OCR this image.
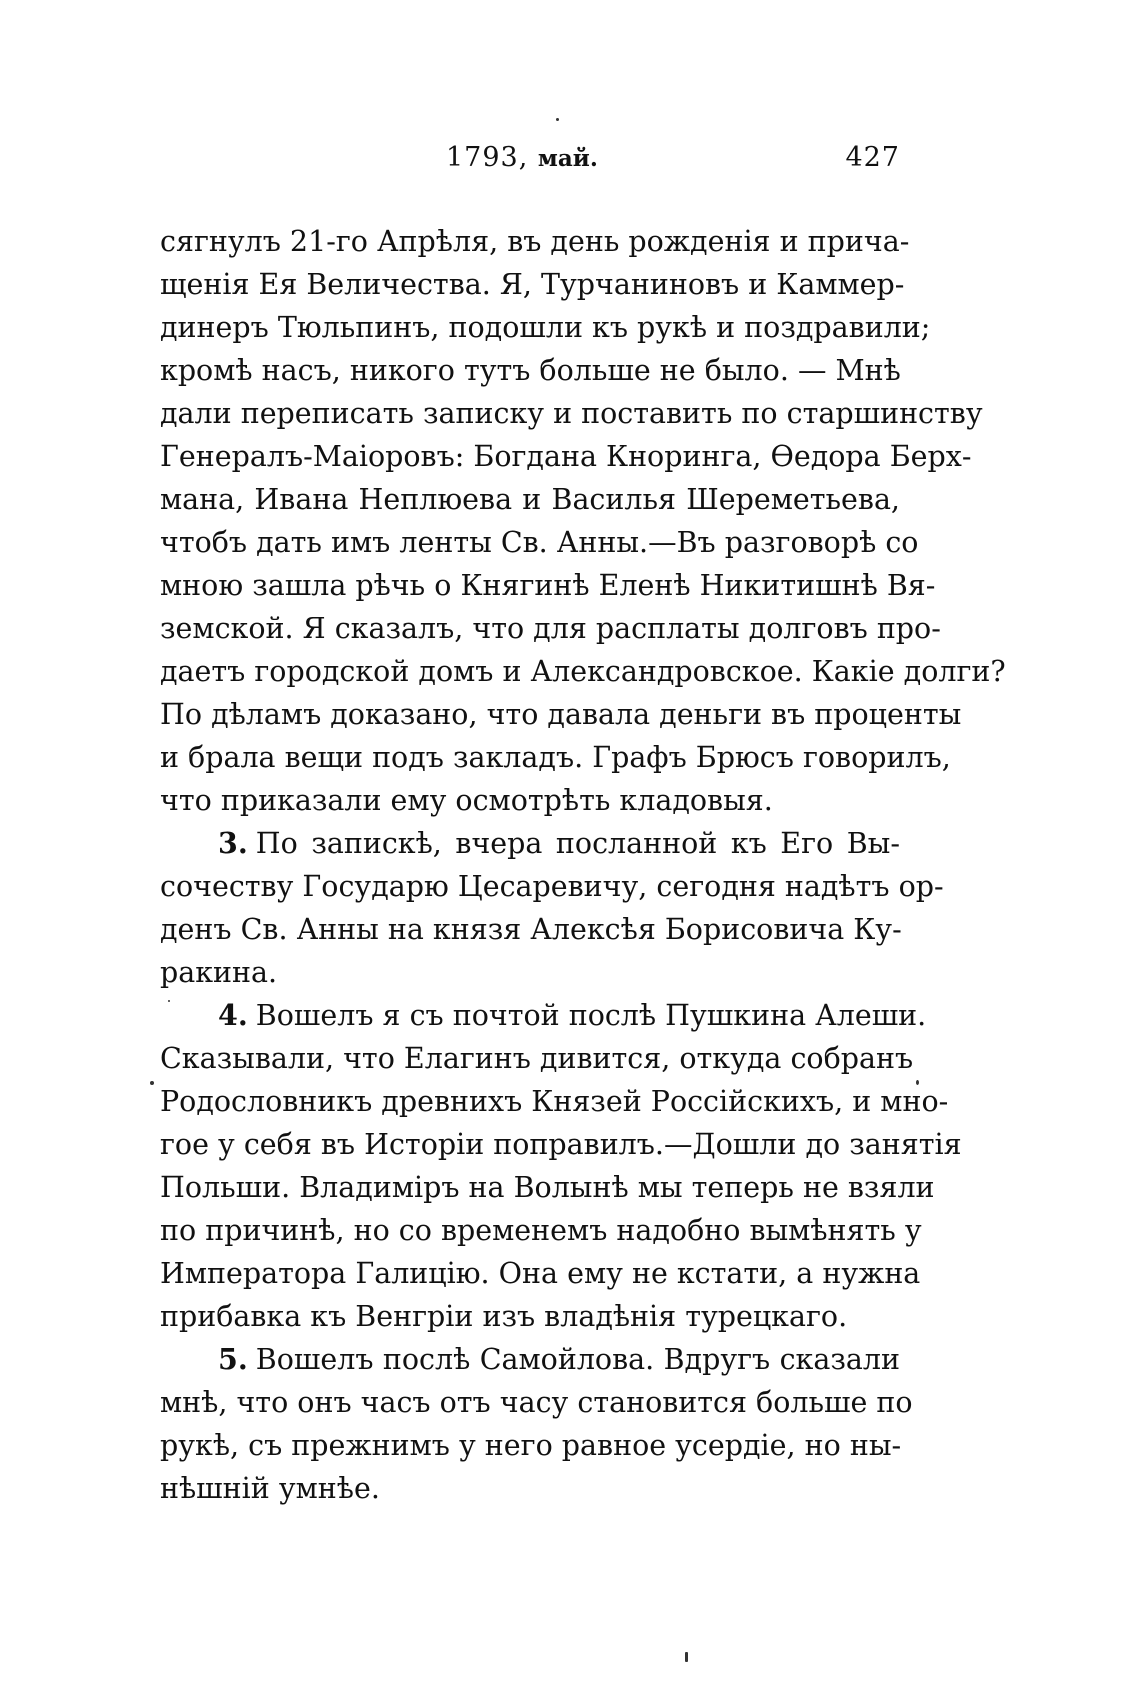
1793, май.	427
сягнулъ 21-го Апрѣля, въ день рожденія и прича-
щенія Ея Величества. Я, Турчаниновъ и Каммер-
динеръ Тюльпинъ, подошли къ рукѣ и поздравили;
кромѣ насъ, никого тутъ больше не было. — Мнѣ
дали переписать записку и поставить по старшинству
Генералъ-Маіоровъ: Богдана Кноринга, Ѳедора Берх-
мана, Ивана Неплюева и Василья Шереметьева,
чтобъ дать имъ ленты Св. Анны.—Въ разговорѣ со
мною зашла рѣчь о Княгинѣ Еленѣ Никитишнѣ Вя-
земской. Я сказалъ, что для расплаты долговъ про-
даетъ городской домъ и Александровское. Какіе долги?
По дѣламъ доказано, что давала деньги въ проценты
и брала вещи подъ закладъ. Графъ Брюсъ говорилъ,
что приказали ему осмотрѣть кладовыя.
3. По запискѣ, вчера посланной къ Его Вы-
сочеству Государю Цесаревичу, сегодня надѣтъ ор-
денъ Св. Анны на князя Алексѣя Борисовича Ку-
ракина.
4. Вошелъ я съ почтой послѣ Пушкина Алеши.
Сказывали, что Елагинъ дивится, откуда собранъ
Родословникъ древнихъ Князей Россійскихъ, и мно-
гое у себя въ Исторіи поправилъ.—Дошли до занятія
Польши. Владиміръ на Волынѣ мы теперь не взяли
по причинѣ, но со временемъ надобно вымѣнять у
Императора Галицію. Она ему не кстати, а нужна
прибавка къ Венгріи изъ владѣнія турецкаго.
5. Вошелъ послѣ Самойлова. Вдругъ сказали
мнѣ, что онъ часъ отъ часу становится больше по
рукѣ, съ прежнимъ у него равное усердіе, но ны-
нѣшній умнѣе.
